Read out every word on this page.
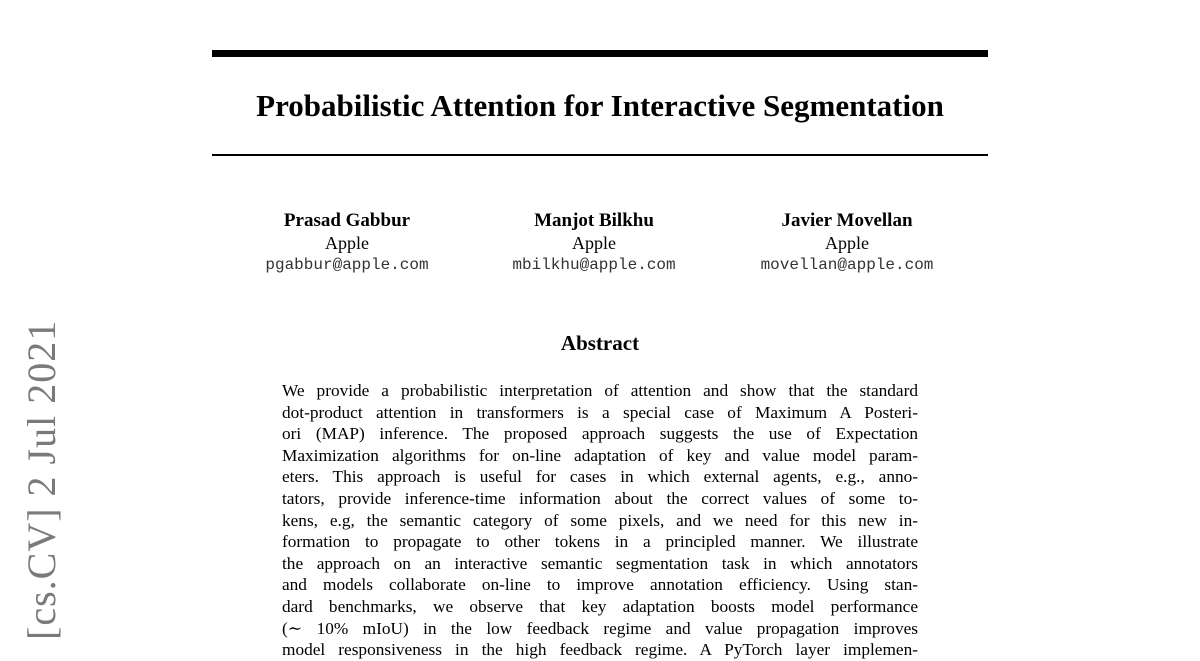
Probabilistic Attention for Interactive Segmentation
Prasad Gabbur
Apple
pgabbur@apple.com
Manjot Bilkhu
Apple
mbilkhu@apple.com
Javier Movellan
Apple
movellan@apple.com
Abstract
We provide a probabilistic interpretation of attention and show that the standard
dot-product attention in transformers is a special case of Maximum A Posteri-
ori (MAP) inference. The proposed approach suggests the use of Expectation
Maximization algorithms for on-line adaptation of key and value model param-
eters. This approach is useful for cases in which external agents, e.g., anno-
tators, provide inference-time information about the correct values of some to-
kens, e.g, the semantic category of some pixels, and we need for this new in-
formation to propagate to other tokens in a principled manner. We illustrate
the approach on an interactive semantic segmentation task in which annotators
and models collaborate on-line to improve annotation efficiency. Using stan-
dard benchmarks, we observe that key adaptation boosts model performance
(∼ 10% mIoU) in the low feedback regime and value propagation improves
model responsiveness in the high feedback regime. A PyTorch layer implemen-
[cs.CV] 2 Jul 2021
